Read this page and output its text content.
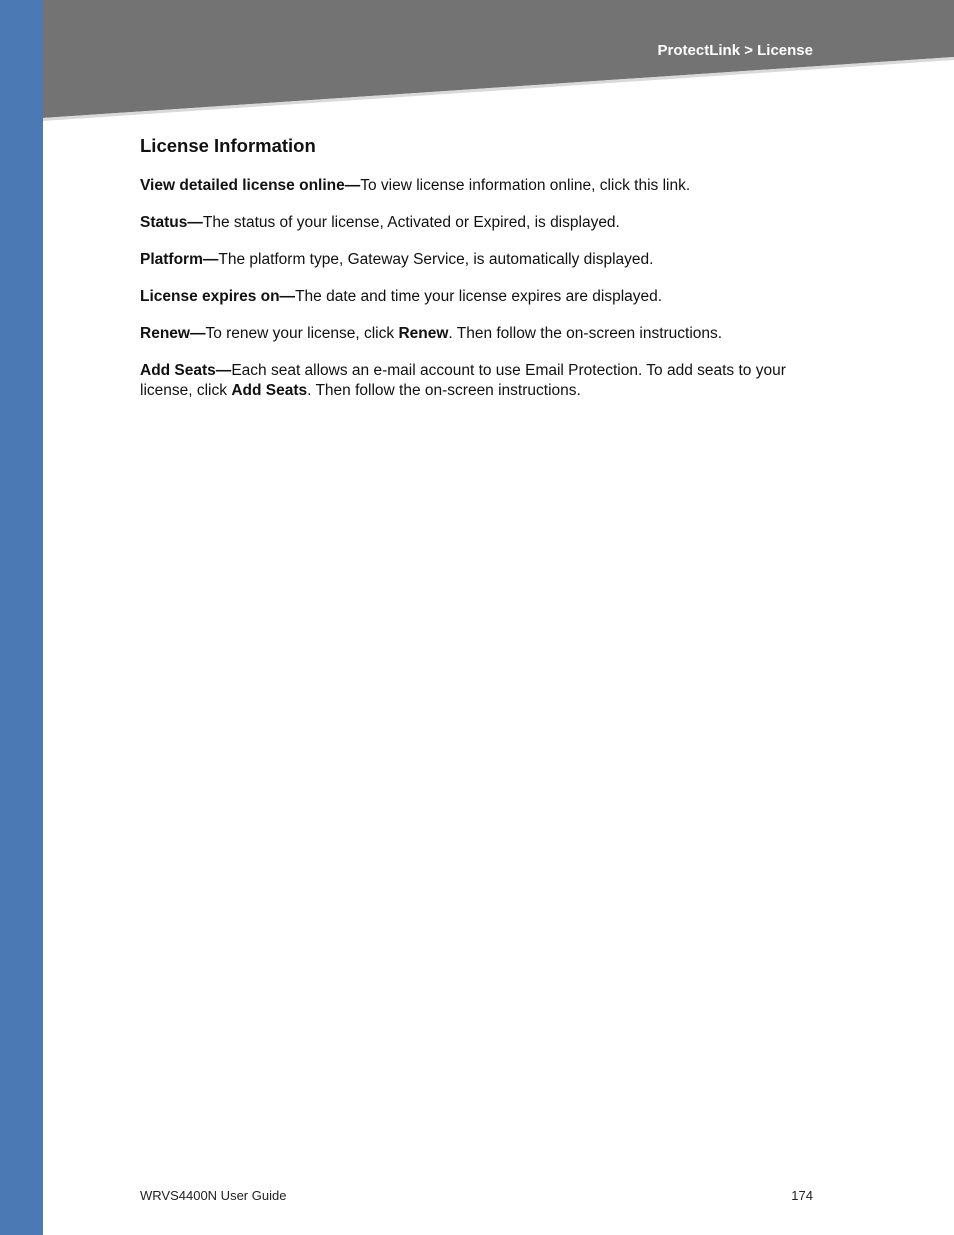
ProtectLink > License
License Information

View detailed license online—To view license information online, click this link.

Status—The status of your license, Activated or Expired, is displayed.

Platform—The platform type, Gateway Service, is automatically displayed.

License expires on—The date and time your license expires are displayed.

Renew—To renew your license, click Renew. Then follow the on-screen instructions.

Add Seats—Each seat allows an e-mail account to use Email Protection. To add seats to your license, click Add Seats. Then follow the on-screen instructions.

WRVS4400N User Guide	174
